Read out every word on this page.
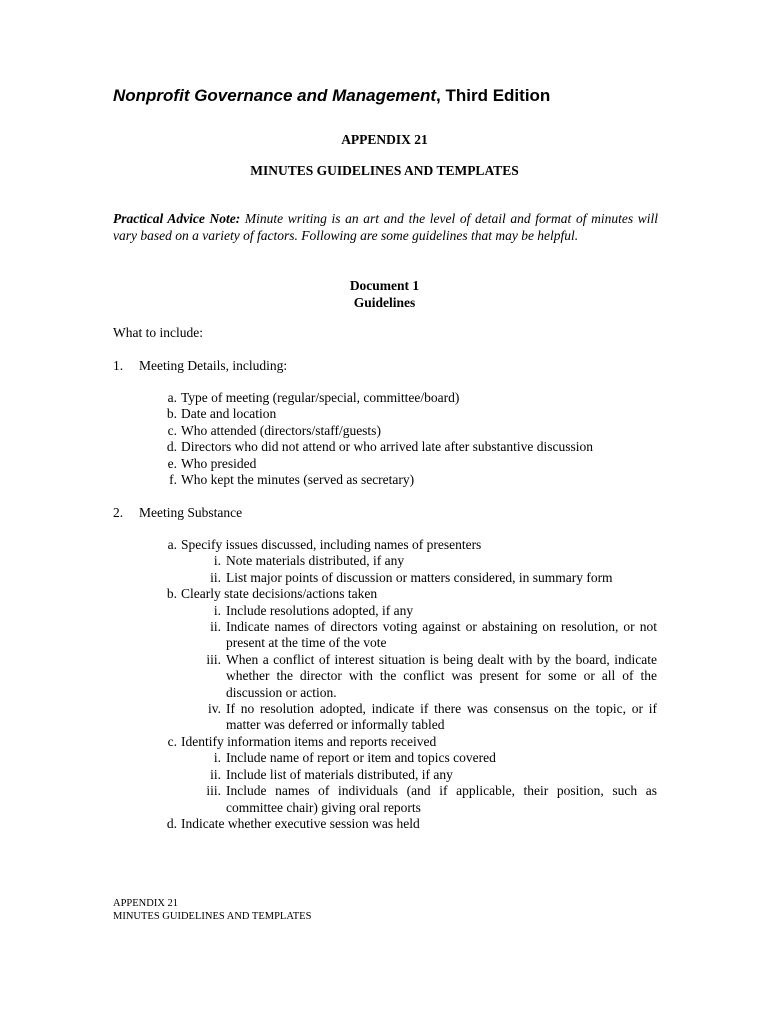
Nonprofit Governance and Management, Third Edition
APPENDIX 21
MINUTES GUIDELINES AND TEMPLATES
Practical Advice Note: Minute writing is an art and the level of detail and format of minutes will vary based on a variety of factors. Following are some guidelines that may be helpful.
Document 1
Guidelines
What to include:
1. Meeting Details, including:
a. Type of meeting (regular/special, committee/board)
b. Date and location
c. Who attended (directors/staff/guests)
d. Directors who did not attend or who arrived late after substantive discussion
e. Who presided
f. Who kept the minutes (served as secretary)
2. Meeting Substance
a. Specify issues discussed, including names of presenters
i. Note materials distributed, if any
ii. List major points of discussion or matters considered, in summary form
b. Clearly state decisions/actions taken
i. Include resolutions adopted, if any
ii. Indicate names of directors voting against or abstaining on resolution, or not present at the time of the vote
iii. When a conflict of interest situation is being dealt with by the board, indicate whether the director with the conflict was present for some or all of the discussion or action.
iv. If no resolution adopted, indicate if there was consensus on the topic, or if matter was deferred or informally tabled
c. Identify information items and reports received
i. Include name of report or item and topics covered
ii. Include list of materials distributed, if any
iii. Include names of individuals (and if applicable, their position, such as committee chair) giving oral reports
d. Indicate whether executive session was held
APPENDIX 21
MINUTES GUIDELINES AND TEMPLATES
